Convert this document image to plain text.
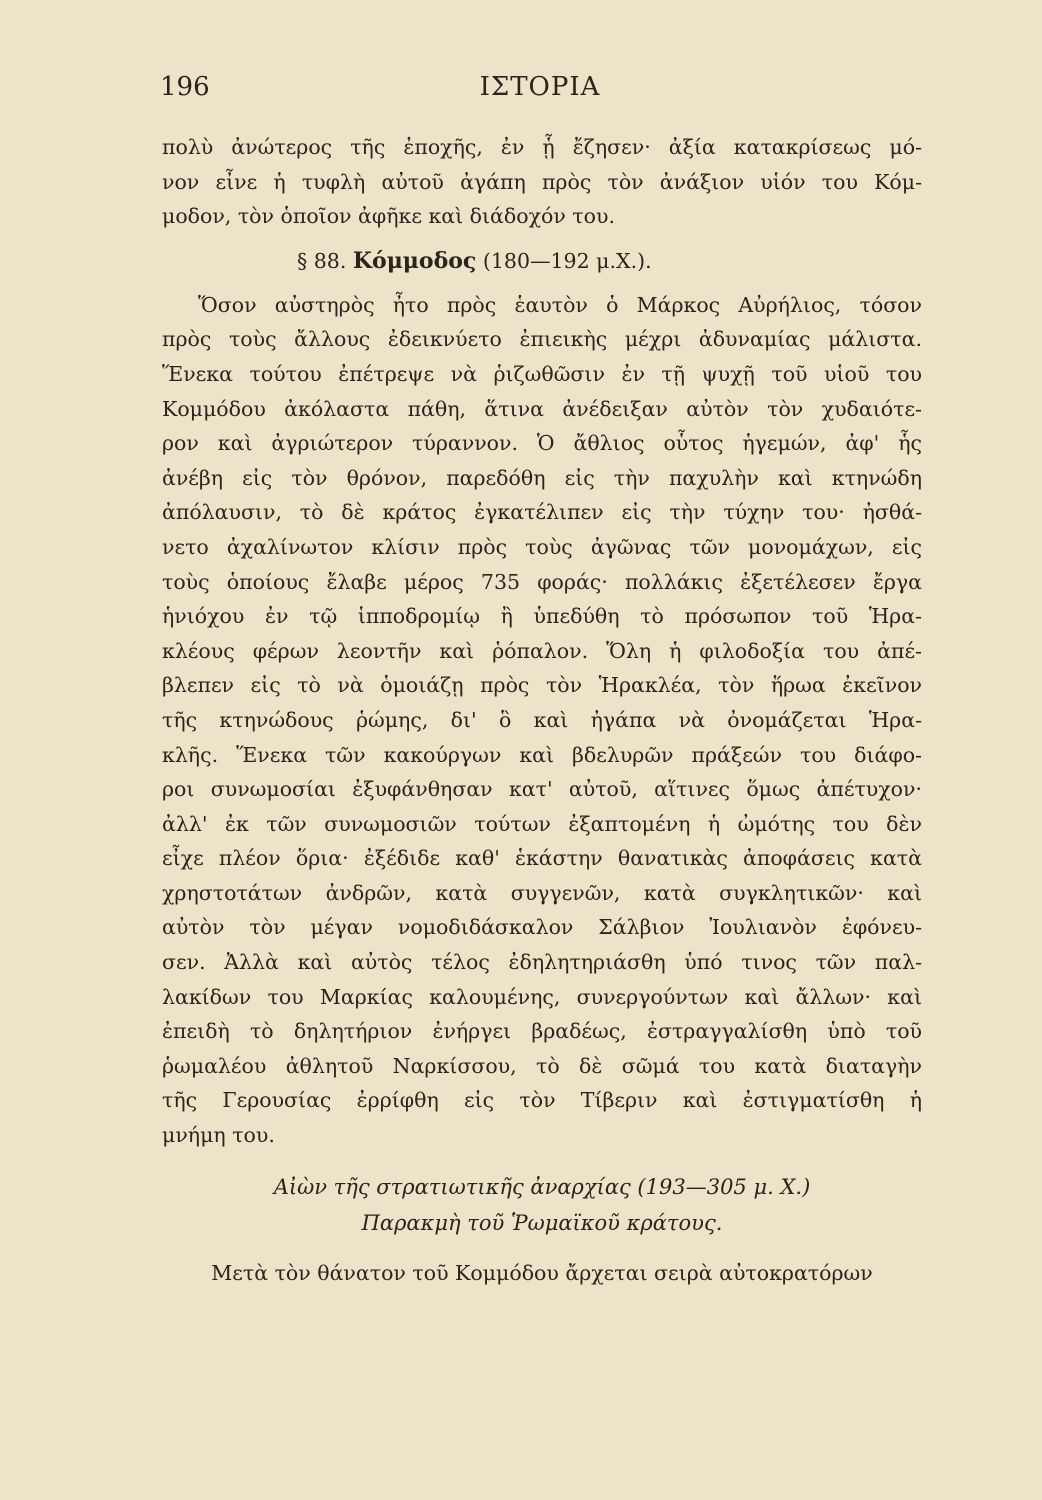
196	ΙΣΤΟΡΙΑ
πολὺ ἀνώτερος τῆς ἐποχῆς, ἐν ᾗ ἔζησεν· ἀξία κατακρίσεως μό-
νον εἶνε ἡ τυφλὴ αὐτοῦ ἀγάπη πρὸς τὸν ἀνάξιον υἱόν του Κόμ-
μοδον, τὸν ὁποῖον ἀφῆκε καὶ διάδοχόν του.
§ 88. Κόμμοδος (180—192 μ.Χ.).
Ὅσον αὐστηρὸς ἦτο πρὸς ἑαυτὸν ὁ Μάρκος Αὐρήλιος, τόσον
πρὸς τοὺς ἄλλους ἐδεικνύετο ἐπιεικὴς μέχρι ἀδυναμίας μάλιστα.
Ἕνεκα τούτου ἐπέτρεψε νὰ ῥιζωθῶσιν ἐν τῇ ψυχῇ τοῦ υἱοῦ του
Κομμόδου ἀκόλαστα πάθη, ἅτινα ἀνέδειξαν αὐτὸν τὸν χυδαιότε-
ρον καὶ ἀγριώτερον τύραννον. Ὁ ἄθλιος οὗτος ἡγεμών, ἀφ' ἧς
ἀνέβη εἰς τὸν θρόνον, παρεδόθη εἰς τὴν παχυλὴν καὶ κτηνώδη
ἀπόλαυσιν, τὸ δὲ κράτος ἐγκατέλιπεν εἰς τὴν τύχην του· ἠσθά-
νετο ἀχαλίνωτον κλίσιν πρὸς τοὺς ἀγῶνας τῶν μονομάχων, εἰς
τοὺς ὁποίους ἔλαβε μέρος 735 φοράς· πολλάκις ἐξετέλεσεν ἔργα
ἡνιόχου ἐν τῷ ἱπποδρομίῳ ἢ ὑπεδύθη τὸ πρόσωπον τοῦ Ἡρα-
κλέους φέρων λεοντῆν καὶ ῥόπαλον. Ὅλη ἡ φιλοδοξία του ἀπέ-
βλεπεν εἰς τὸ νὰ ὁμοιάζῃ πρὸς τὸν Ἡρακλέα, τὸν ἥρωα ἐκεῖνον
τῆς κτηνώδους ῥώμης, δι' ὃ καὶ ἠγάπα νὰ ὀνομάζεται Ἡρα-
κλῆς. Ἕνεκα τῶν κακούργων καὶ βδελυρῶν πράξεών του διάφο-
ροι συνωμοσίαι ἐξυφάνθησαν κατ' αὐτοῦ, αἵτινες ὅμως ἀπέτυχον·
ἀλλ' ἐκ τῶν συνωμοσιῶν τούτων ἐξαπτομένη ἡ ὠμότης του δὲν
εἶχε πλέον ὅρια· ἐξέδιδε καθ' ἑκάστην θανατικὰς ἀποφάσεις κατὰ
χρηστοτάτων ἀνδρῶν, κατὰ συγγενῶν, κατὰ συγκλητικῶν· καὶ
αὐτὸν τὸν μέγαν νομοδιδάσκαλον Σάλβιον Ἰουλιανὸν ἐφόνευ-
σεν. Ἀλλὰ καὶ αὐτὸς τέλος ἐδηλητηριάσθη ὑπό τινος τῶν παλ-
λακίδων του Μαρκίας καλουμένης, συνεργούντων καὶ ἄλλων· καὶ
ἐπειδὴ τὸ δηλητήριον ἐνήργει βραδέως, ἐστραγγαλίσθη ὑπὸ τοῦ
ῥωμαλέου ἀθλητοῦ Ναρκίσσου, τὸ δὲ σῶμά του κατὰ διαταγὴν
τῆς Γερουσίας ἐρρίφθη εἰς τὸν Τίβεριν καὶ ἐστιγματίσθη ἡ
μνήμη του.
Αἰὼν τῆς στρατιωτικῆς ἀναρχίας (193—305 μ. Χ.)
Παρακμὴ τοῦ Ῥωμαϊκοῦ κράτους.
Μετὰ τὸν θάνατον τοῦ Κομμόδου ἄρχεται σειρὰ αὐτοκρατόρων
